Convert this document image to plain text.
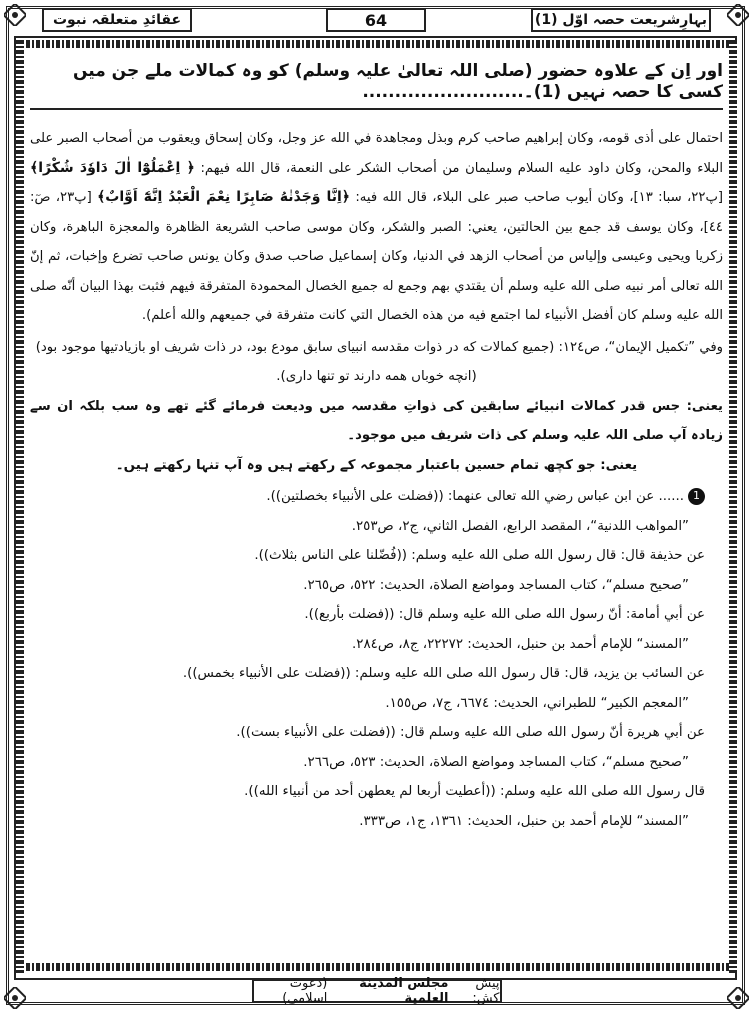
بہارِشریعت حصہ اوّل (1)
64
عقائدِ متعلقہ نبوت

اور اِن کے علاوہ حضور (صلی اللہ تعالیٰ علیہ وسلم) کو وہ کمالات ملے جن میں کسی کا حصہ نہیں (1)۔.........................

احتمال على أذى قومه، وكان إبراهيم صاحب كرم وبذل ومجاهدة في الله عز وجل، وكان إسحاق ويعقوب من أصحاب الصبر على البلاء والمحن، وكان داود عليه السلام وسليمان من أصحاب الشكر على النعمة، قال الله فيهم: ﴿ اِعْمَلُوْٓا اٰلَ دَاوٗدَ شُكْرًا﴾ [پ٢٢، سبا: ١٣]، وكان أيوب صاحب صبر على البلاء، قال الله فيه: ﴿اِنَّا وَجَدْنٰهُ صَابِرًا نِعْمَ الْعَبْدُ اِنَّهٗٓ اَوَّابٌ﴾ [پ٢٣، صٓ: ٤٤]، وكان يوسف قد جمع بين الحالتين، يعني: الصبر والشكر، وكان موسى صاحب الشريعة الظاهرة والمعجزة الباهرة، وكان زكريا ويحيى وعيسى وإلياس من أصحاب الزهد في الدنيا، وكان إسماعيل صاحب صدق وكان يونس صاحب تضرع وإخبات، ثم إنّ الله تعالى أمر نبيه صلى الله عليه وسلم أن يقتدي بهم وجمع له جميع الخصال المحمودة المتفرقة فيهم فثبت بهذا البيان أنّه صلى الله عليه وسلم كان أفضل الأنبياء لما اجتمع فيه من هذه الخصال التي كانت متفرقة في جميعهم والله أعلم).

وفي ”تكميل الإيمان“، ص١٢٤: (جميع كمالات كه در ذوات مقدسه انبياى سابق مودع بود، در ذات شريف او بازيادتيها موجود بود)

(انچه خوباں همه دارند تو تنها دارى).

یعنی: جس قدر کمالات انبیائے سابقین کی ذواتِ مقدسہ میں ودیعت فرمائے گئے تھے وہ سب بلکہ ان سے زیادہ آپ صلی اللہ علیہ وسلم کی ذات شریف میں موجود۔

یعنی: جو کچھ تمام حسین باعتبار مجموعہ کے رکھتے ہیں وہ آپ تنہا رکھتے ہیں۔

1...... عن ابن عباس رضي الله تعالى عنهما: ((فضلت على الأنبياء بخصلتين)).

”المواهب اللدنية“، المقصد الرابع، الفصل الثاني، ج٢، ص٢٥٣.

عن حذيفة قال: قال رسول الله صلى الله عليه وسلم: ((فُضّلنا على الناس بثلاث)).

”صحيح مسلم“، كتاب المساجد ومواضع الصلاة، الحديث: ٥٢٢، ص٢٦٥.

عن أبي أمامة: أنّ رسول الله صلى الله عليه وسلم قال: ((فضلت بأربع)).

”المسند“ للإمام أحمد بن حنبل، الحديث: ٢٢٢٧٢، ج٨، ص٢٨٤.

عن السائب بن يزيد، قال: قال رسول الله صلى الله عليه وسلم: ((فضلت على الأنبياء بخمس)).

”المعجم الكبير“ للطبراني، الحديث: ٦٦٧٤، ج٧، ص١٥٥.

عن أبي هريرة أنّ رسول الله صلى الله عليه وسلم قال: ((فضلت على الأنبياء بست)).

”صحيح مسلم“، كتاب المساجد ومواضع الصلاة، الحديث: ٥٢٣، ص٢٦٦.

قال رسول الله صلى الله عليه وسلم: ((أعطيت أربعا لم يعطهن أحد من أنبياء الله)).

”المسند“ للإمام أحمد بن حنبل، الحديث: ١٣٦١، ج١، ص٣٣٣.

پیش کش:
مجلس المدينة العلمية
(دعوت اسلامی)
